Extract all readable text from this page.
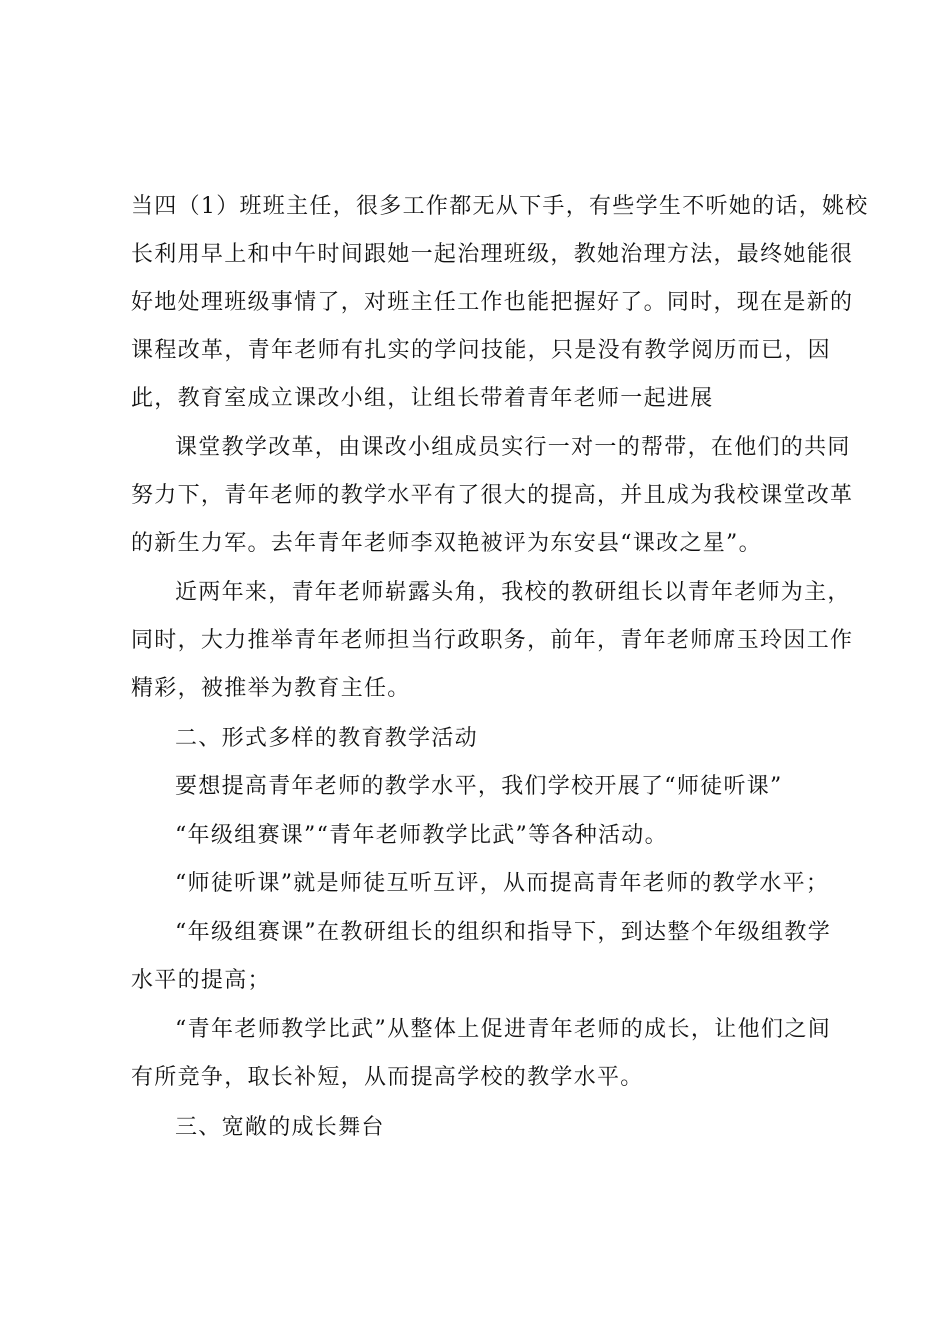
当四（1）班班主任，很多工作都无从下手，有些学生不听她的话，姚校
长利用早上和中午时间跟她一起治理班级，教她治理方法，最终她能很
好地处理班级事情了，对班主任工作也能把握好了。同时，现在是新的
课程改革，青年老师有扎实的学问技能，只是没有教学阅历而已，因
此，教育室成立课改小组，让组长带着青年老师一起进展
课堂教学改革，由课改小组成员实行一对一的帮带，在他们的共同
努力下，青年老师的教学水平有了很大的提高，并且成为我校课堂改革
的新生力军。去年青年老师李双艳被评为东安县“课改之星”。
近两年来，青年老师崭露头角，我校的教研组长以青年老师为主，
同时，大力推举青年老师担当行政职务，前年，青年老师席玉玲因工作
精彩，被推举为教育主任。
二、形式多样的教育教学活动
要想提高青年老师的教学水平，我们学校开展了“师徒听课”
“年级组赛课”“青年老师教学比武”等各种活动。
“师徒听课”就是师徒互听互评，从而提高青年老师的教学水平；
“年级组赛课”在教研组长的组织和指导下，到达整个年级组教学
水平的提高；
“青年老师教学比武”从整体上促进青年老师的成长，让他们之间
有所竞争，取长补短，从而提高学校的教学水平。
三、宽敞的成长舞台
